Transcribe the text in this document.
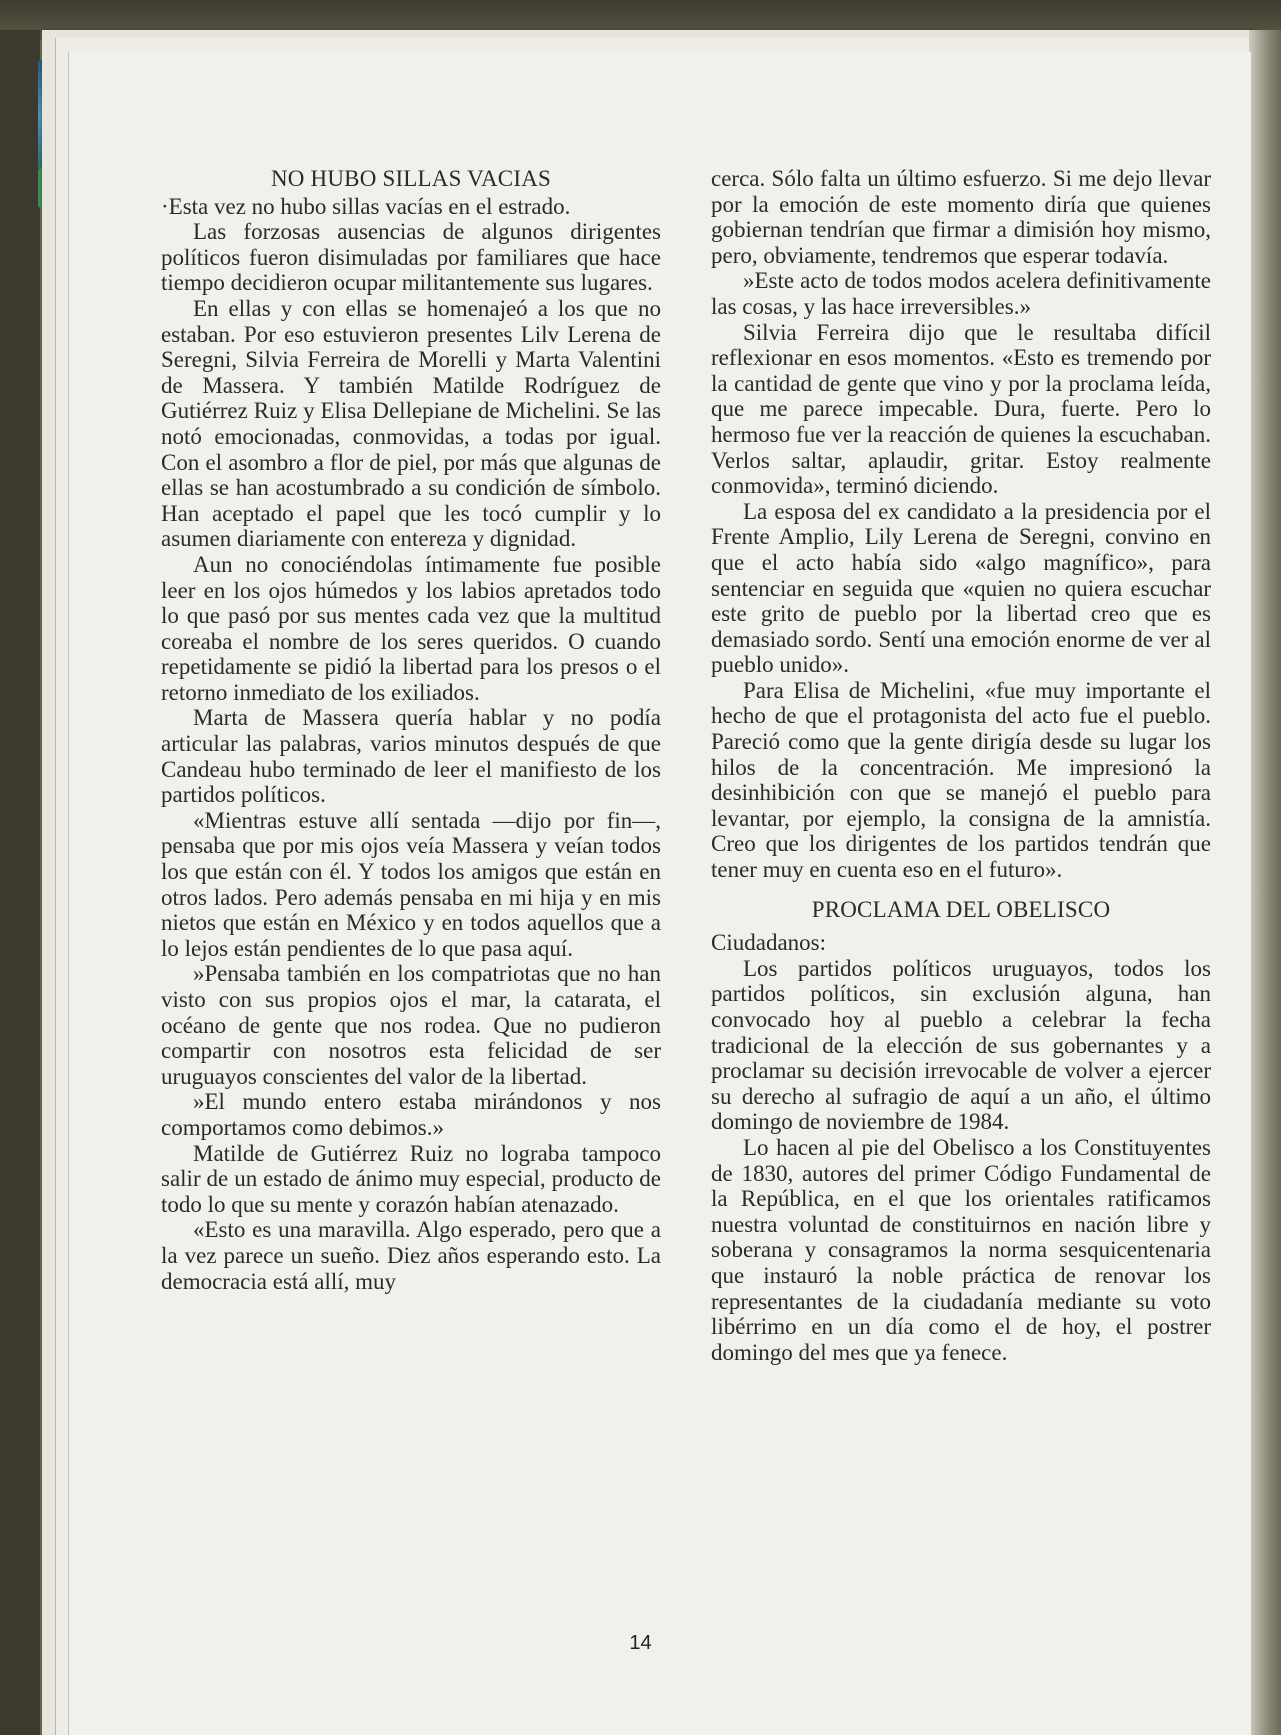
NO HUBO SILLAS VACIAS

·Esta vez no hubo sillas vacías en el estrado.

Las forzosas ausencias de algunos dirigentes políticos fueron disimuladas por familiares que hace tiempo decidieron ocupar militantemente sus lugares.

En ellas y con ellas se homenajeó a los que no estaban. Por eso estuvieron presentes Lilv Lerena de Seregni, Silvia Ferreira de Morelli y Marta Valentini de Massera. Y también Matilde Rodríguez de Gutiérrez Ruiz y Elisa Dellepiane de Michelini. Se las notó emocionadas, conmovidas, a todas por igual. Con el asombro a flor de piel, por más que algunas de ellas se han acostumbrado a su condición de símbolo. Han aceptado el papel que les tocó cumplir y lo asumen diariamente con entereza y dignidad.

Aun no conociéndolas íntimamente fue posible leer en los ojos húmedos y los labios apretados todo lo que pasó por sus mentes cada vez que la multitud coreaba el nombre de los seres queridos. O cuando repetidamente se pidió la libertad para los presos o el retorno inmediato de los exiliados.

Marta de Massera quería hablar y no podía articular las palabras, varios minutos después de que Candeau hubo terminado de leer el manifiesto de los partidos políticos.

«Mientras estuve allí sentada —dijo por fin—, pensaba que por mis ojos veía Massera y veían todos los que están con él. Y todos los amigos que están en otros lados. Pero además pensaba en mi hija y en mis nietos que están en México y en todos aquellos que a lo lejos están pendientes de lo que pasa aquí.

»Pensaba también en los compatriotas que no han visto con sus propios ojos el mar, la catarata, el océano de gente que nos rodea. Que no pudieron compartir con nosotros esta felicidad de ser uruguayos conscientes del valor de la libertad.

»El mundo entero estaba mirándonos y nos comportamos como debimos.»

Matilde de Gutiérrez Ruiz no lograba tampoco salir de un estado de ánimo muy especial, producto de todo lo que su mente y corazón habían atenazado.

«Esto es una maravilla. Algo esperado, pero que a la vez parece un sueño. Diez años esperando esto. La democracia está allí, muy

cerca. Sólo falta un último esfuerzo. Si me dejo llevar por la emoción de este momento diría que quienes gobiernan tendrían que firmar a dimisión hoy mismo, pero, obviamente, tendremos que esperar todavía.

»Este acto de todos modos acelera definitivamente las cosas, y las hace irreversibles.»

Silvia Ferreira dijo que le resultaba difícil reflexionar en esos momentos. «Esto es tremendo por la cantidad de gente que vino y por la proclama leída, que me parece impecable. Dura, fuerte. Pero lo hermoso fue ver la reacción de quienes la escuchaban. Verlos saltar, aplaudir, gritar. Estoy realmente conmovida», terminó diciendo.

La esposa del ex candidato a la presidencia por el Frente Amplio, Lily Lerena de Seregni, convino en que el acto había sido «algo magnífico», para sentenciar en seguida que «quien no quiera escuchar este grito de pueblo por la libertad creo que es demasiado sordo. Sentí una emoción enorme de ver al pueblo unido».

Para Elisa de Michelini, «fue muy importante el hecho de que el protagonista del acto fue el pueblo. Pareció como que la gente dirigía desde su lugar los hilos de la concentración. Me impresionó la desinhibición con que se manejó el pueblo para levantar, por ejemplo, la consigna de la amnistía. Creo que los dirigentes de los partidos tendrán que tener muy en cuenta eso en el futuro».

PROCLAMA DEL OBELISCO

Ciudadanos:

Los partidos políticos uruguayos, todos los partidos políticos, sin exclusión alguna, han convocado hoy al pueblo a celebrar la fecha tradicional de la elección de sus gobernantes y a proclamar su decisión irrevocable de volver a ejercer su derecho al sufragio de aquí a un año, el último domingo de noviembre de 1984.

Lo hacen al pie del Obelisco a los Constituyentes de 1830, autores del primer Código Fundamental de la República, en el que los orientales ratificamos nuestra voluntad de constituirnos en nación libre y soberana y consagramos la norma sesquicentenaria que instauró la noble práctica de renovar los representantes de la ciudadanía mediante su voto libérrimo en un día como el de hoy, el postrer domingo del mes que ya fenece.

14
